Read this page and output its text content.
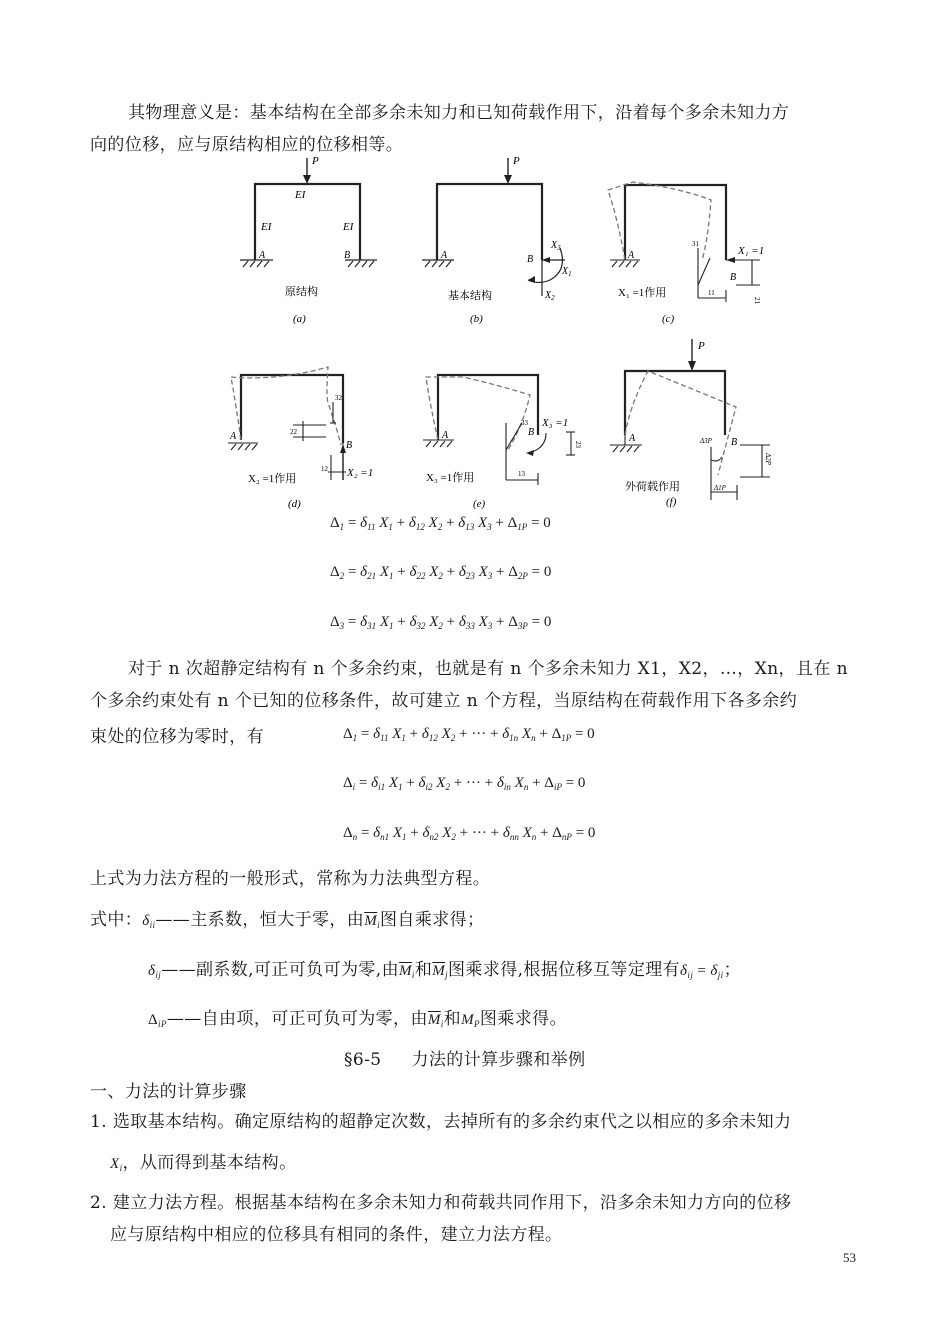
其物理意义是：基本结构在全部多余未知力和已知荷载作用下，沿着每个多余未知力方
向的位移，应与原结构相应的位移相等。
P
EI
EI	EI
A	B
原结构
(a)
A	B
P
$X_3$
$X_1$
$X_2$
基本结构
(b)
31
11
21
X₁ =1
A
B
X₁ =1作用
(c)
32
22
12 X₂ =1
A
B
X₂ =1作用
(d)
33
23
13
X₃ =1
A	B
X₃ =1作用
(e)
P
Δ3P
Δ2P
Δ1P
A	B
外荷载作用
(f)
$\Delta_1 = \delta_{11}$ $X_1 + \delta_{12}$ $X_2 + \delta_{13}$ $X_3 + \Delta_{1P} = 0$
$\Delta_2 = \delta_{21}$ $X_1 + \delta_{22}$ $X_2 + \delta_{23}$ $X_3 + \Delta_{2P} = 0$
$\Delta_3 = \delta_{31}$ $X_1 + \delta_{32}$ $X_2 + \delta_{33}$ $X_3 + \Delta_{3P} = 0$
对于 n 次超静定结构有 n 个多余约束，也就是有 n 个多余未知力 X1，X2，…，Xn，且在 n
个多余约束处有 n 个已知的位移条件，故可建立 n 个方程，当原结构在荷载作用下各多余约
束处的位移为零时，有	$\Delta_1 = \delta_{11}$ $X_1 + \delta_{12}$ $X_2$ + ··· + $\delta_{1n}$ $X_n + \Delta_{1P} = 0$
$\Delta_i = \delta_{i1}$ $X_1 + \delta_{i2}$ $X_2$ + ··· + $\delta_{in}$ $X_n + \Delta_{iP} = 0$
$\Delta_n = \delta_{n1}$ $X_1 + \delta_{n2}$ $X_2$ + ··· + $\delta_{nn}$ $X_n + \Delta_{nP} = 0$
上式为力法方程的一般形式，常称为力法典型方程。
式中：$\delta_{ii}——$主系数，恒大于零，由$\overline{M}_i$图自乘求得；
$\delta_{ij}——$副系数,可正可负可为零,由$\overline{M}_i$和$\overline{M}_j$图乘求得,根据位移互等定理有$\delta_{ij} = \delta_{ji}$；
$\Delta_{iP}——$自由项，可正可负可为零，由$\overline{M}_i$和$M_P$图乘求得。
§6-5 力法的计算步骤和举例
一、力法的计算步骤
1. 选取基本结构。确定原结构的超静定次数，去掉所有的多余约束代之以相应的多余未知力
$X_i$，从而得到基本结构。
2. 建立力法方程。根据基本结构在多余未知力和荷载共同作用下，沿多余未知力方向的位移
应与原结构中相应的位移具有相同的条件，建立力法方程。
53
